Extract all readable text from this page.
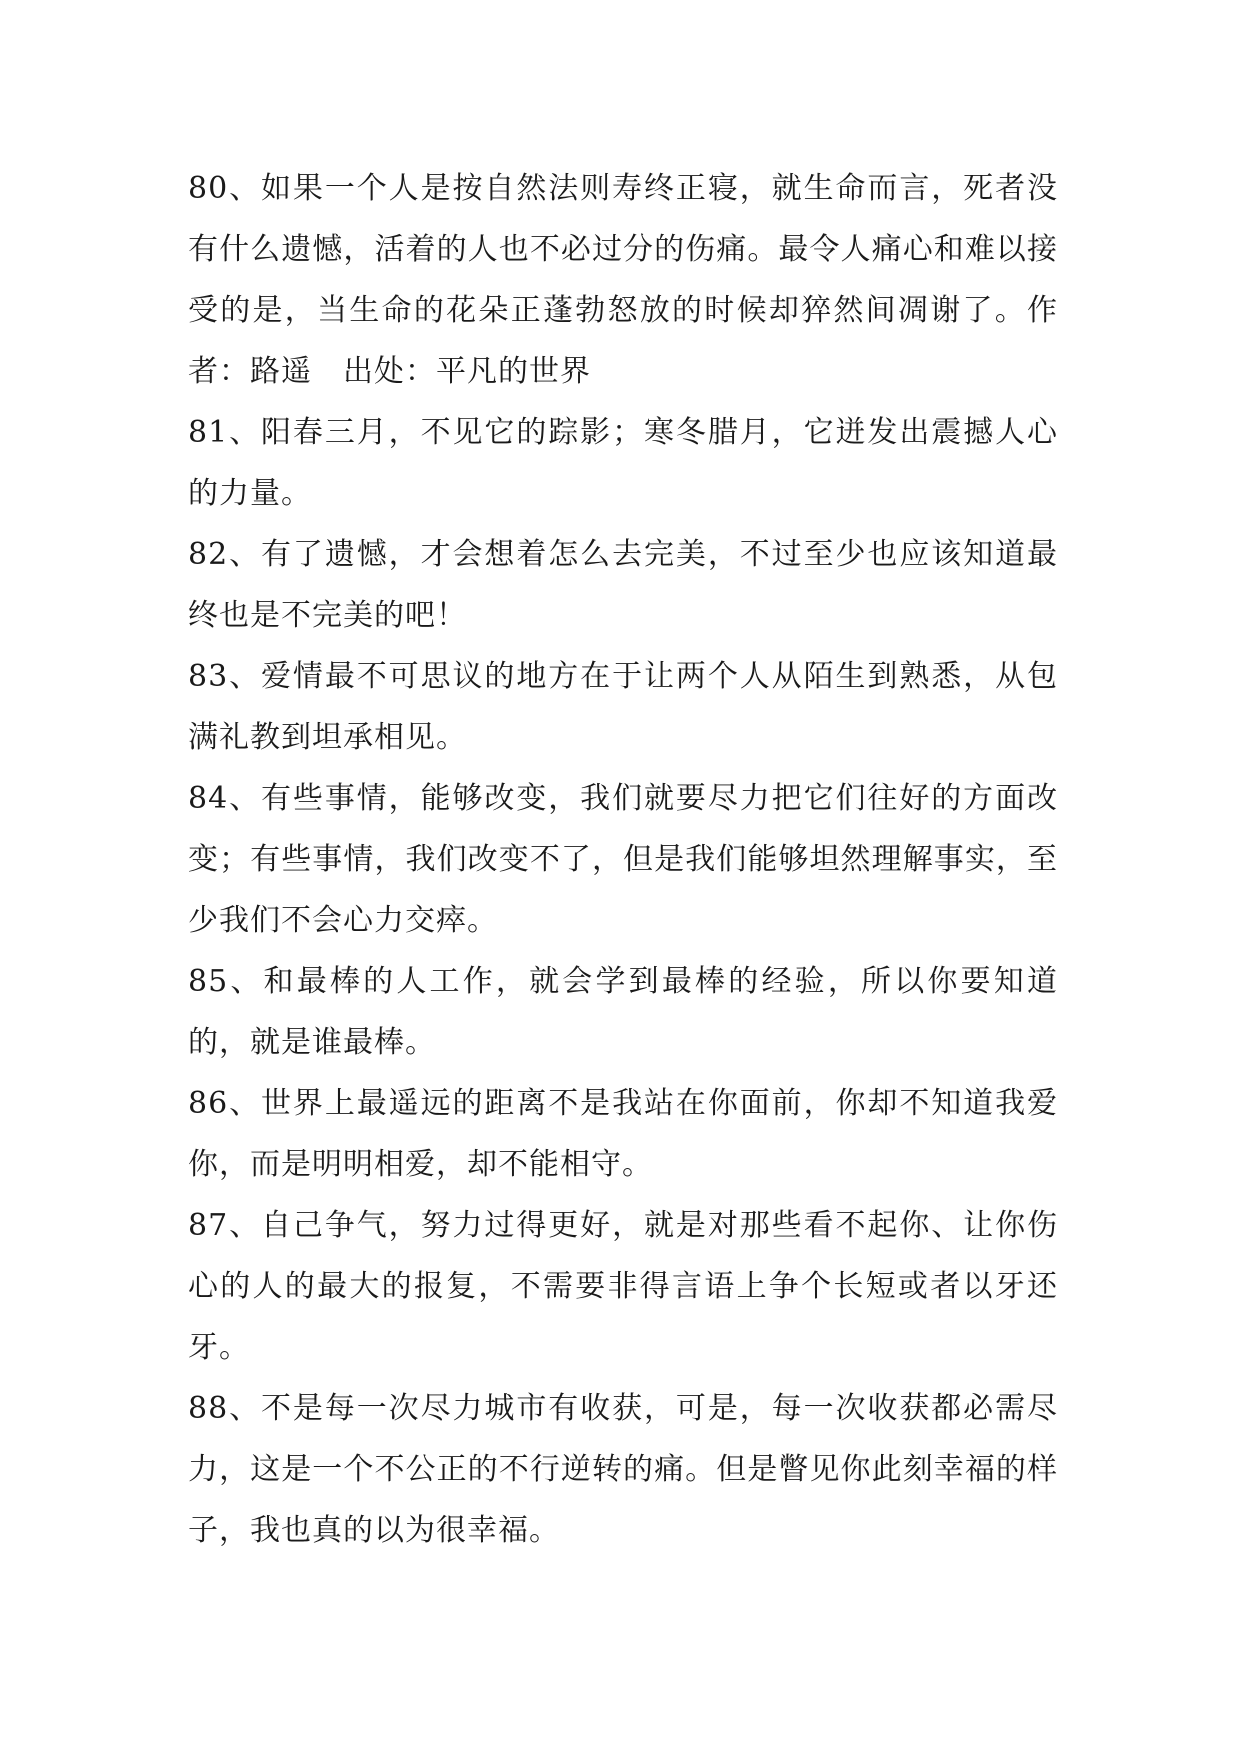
80、如果一个人是按自然法则寿终正寝，就生命而言，死者没有什么遗憾，活着的人也不必过分的伤痛。最令人痛心和难以接受的是，当生命的花朵正蓬勃怒放的时候却猝然间凋谢了。作者：路遥　出处：平凡的世界

81、阳春三月，不见它的踪影；寒冬腊月，它迸发出震撼人心的力量。

82、有了遗憾，才会想着怎么去完美，不过至少也应该知道最终也是不完美的吧！

83、爱情最不可思议的地方在于让两个人从陌生到熟悉，从包满礼教到坦承相见。

84、有些事情，能够改变，我们就要尽力把它们往好的方面改变；有些事情，我们改变不了，但是我们能够坦然理解事实，至少我们不会心力交瘁。

85、和最棒的人工作，就会学到最棒的经验，所以你要知道的，就是谁最棒。

86、世界上最遥远的距离不是我站在你面前，你却不知道我爱你，而是明明相爱，却不能相守。

87、自己争气，努力过得更好，就是对那些看不起你、让你伤心的人的最大的报复，不需要非得言语上争个长短或者以牙还牙。

88、不是每一次尽力城市有收获，可是，每一次收获都必需尽力，这是一个不公正的不行逆转的痛。但是瞥见你此刻幸福的样子，我也真的以为很幸福。
